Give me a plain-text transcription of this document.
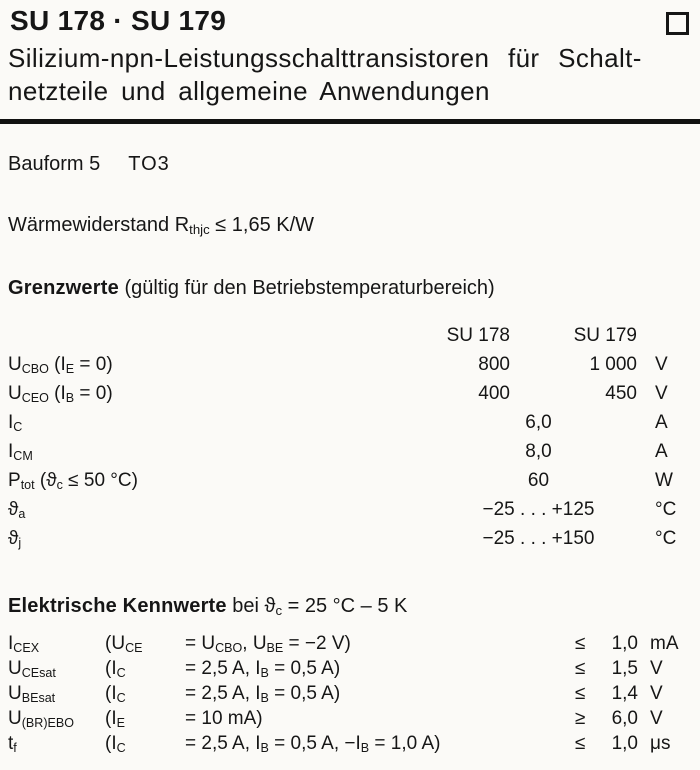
SU 178 · SU 179
Silizium-npn-Leistungsschalttransistoren für Schalt-
netzteile und allgemeine Anwendungen
Bauform 5 TO3
Wärmewiderstand $R_{thjc} \le 1,65$ K/W
Grenzwerte (gültig für den Betriebstemperaturbereich)
SU 178	SU 179
$U_{CBO}$ $(I_E = 0)$	800	1 000 V
$U_{CEO}$ $(I_B = 0)$	400	450 V
$I_C$	6,0	A
$I_{CM}$	8,0	A
$P_{tot}$ ($ϑ_c \le 50$ °C)	60	W
$ϑ_a$	−25 . . . +125	°C
$ϑ_j$	−25 . . . +150	°C
Elektrische Kennwerte bei $ϑ_c = 25$ °C – 5 K
$I_{CEX}$	($U_{CE}$	= $U_{CBO}$, $U_{BE} = -2$ V)	≤	1,0 mA
$U_{CEsat}$	($I_C$	= 2,5 A, $I_B = 0,5$ A)	≤	1,5 V
$U_{BEsat}$	($I_C$	= 2,5 A, $I_B = 0,5$ A)	≤	1,4 V
$U_{(BR)EBO}$	($I_E$	= 10 mA)	≥	6,0 V
$t_f$	($I_C$	= 2,5 A, $I_B = 0,5$ A, $-I_B = 1,0$ A)	≤	1,0 μs
